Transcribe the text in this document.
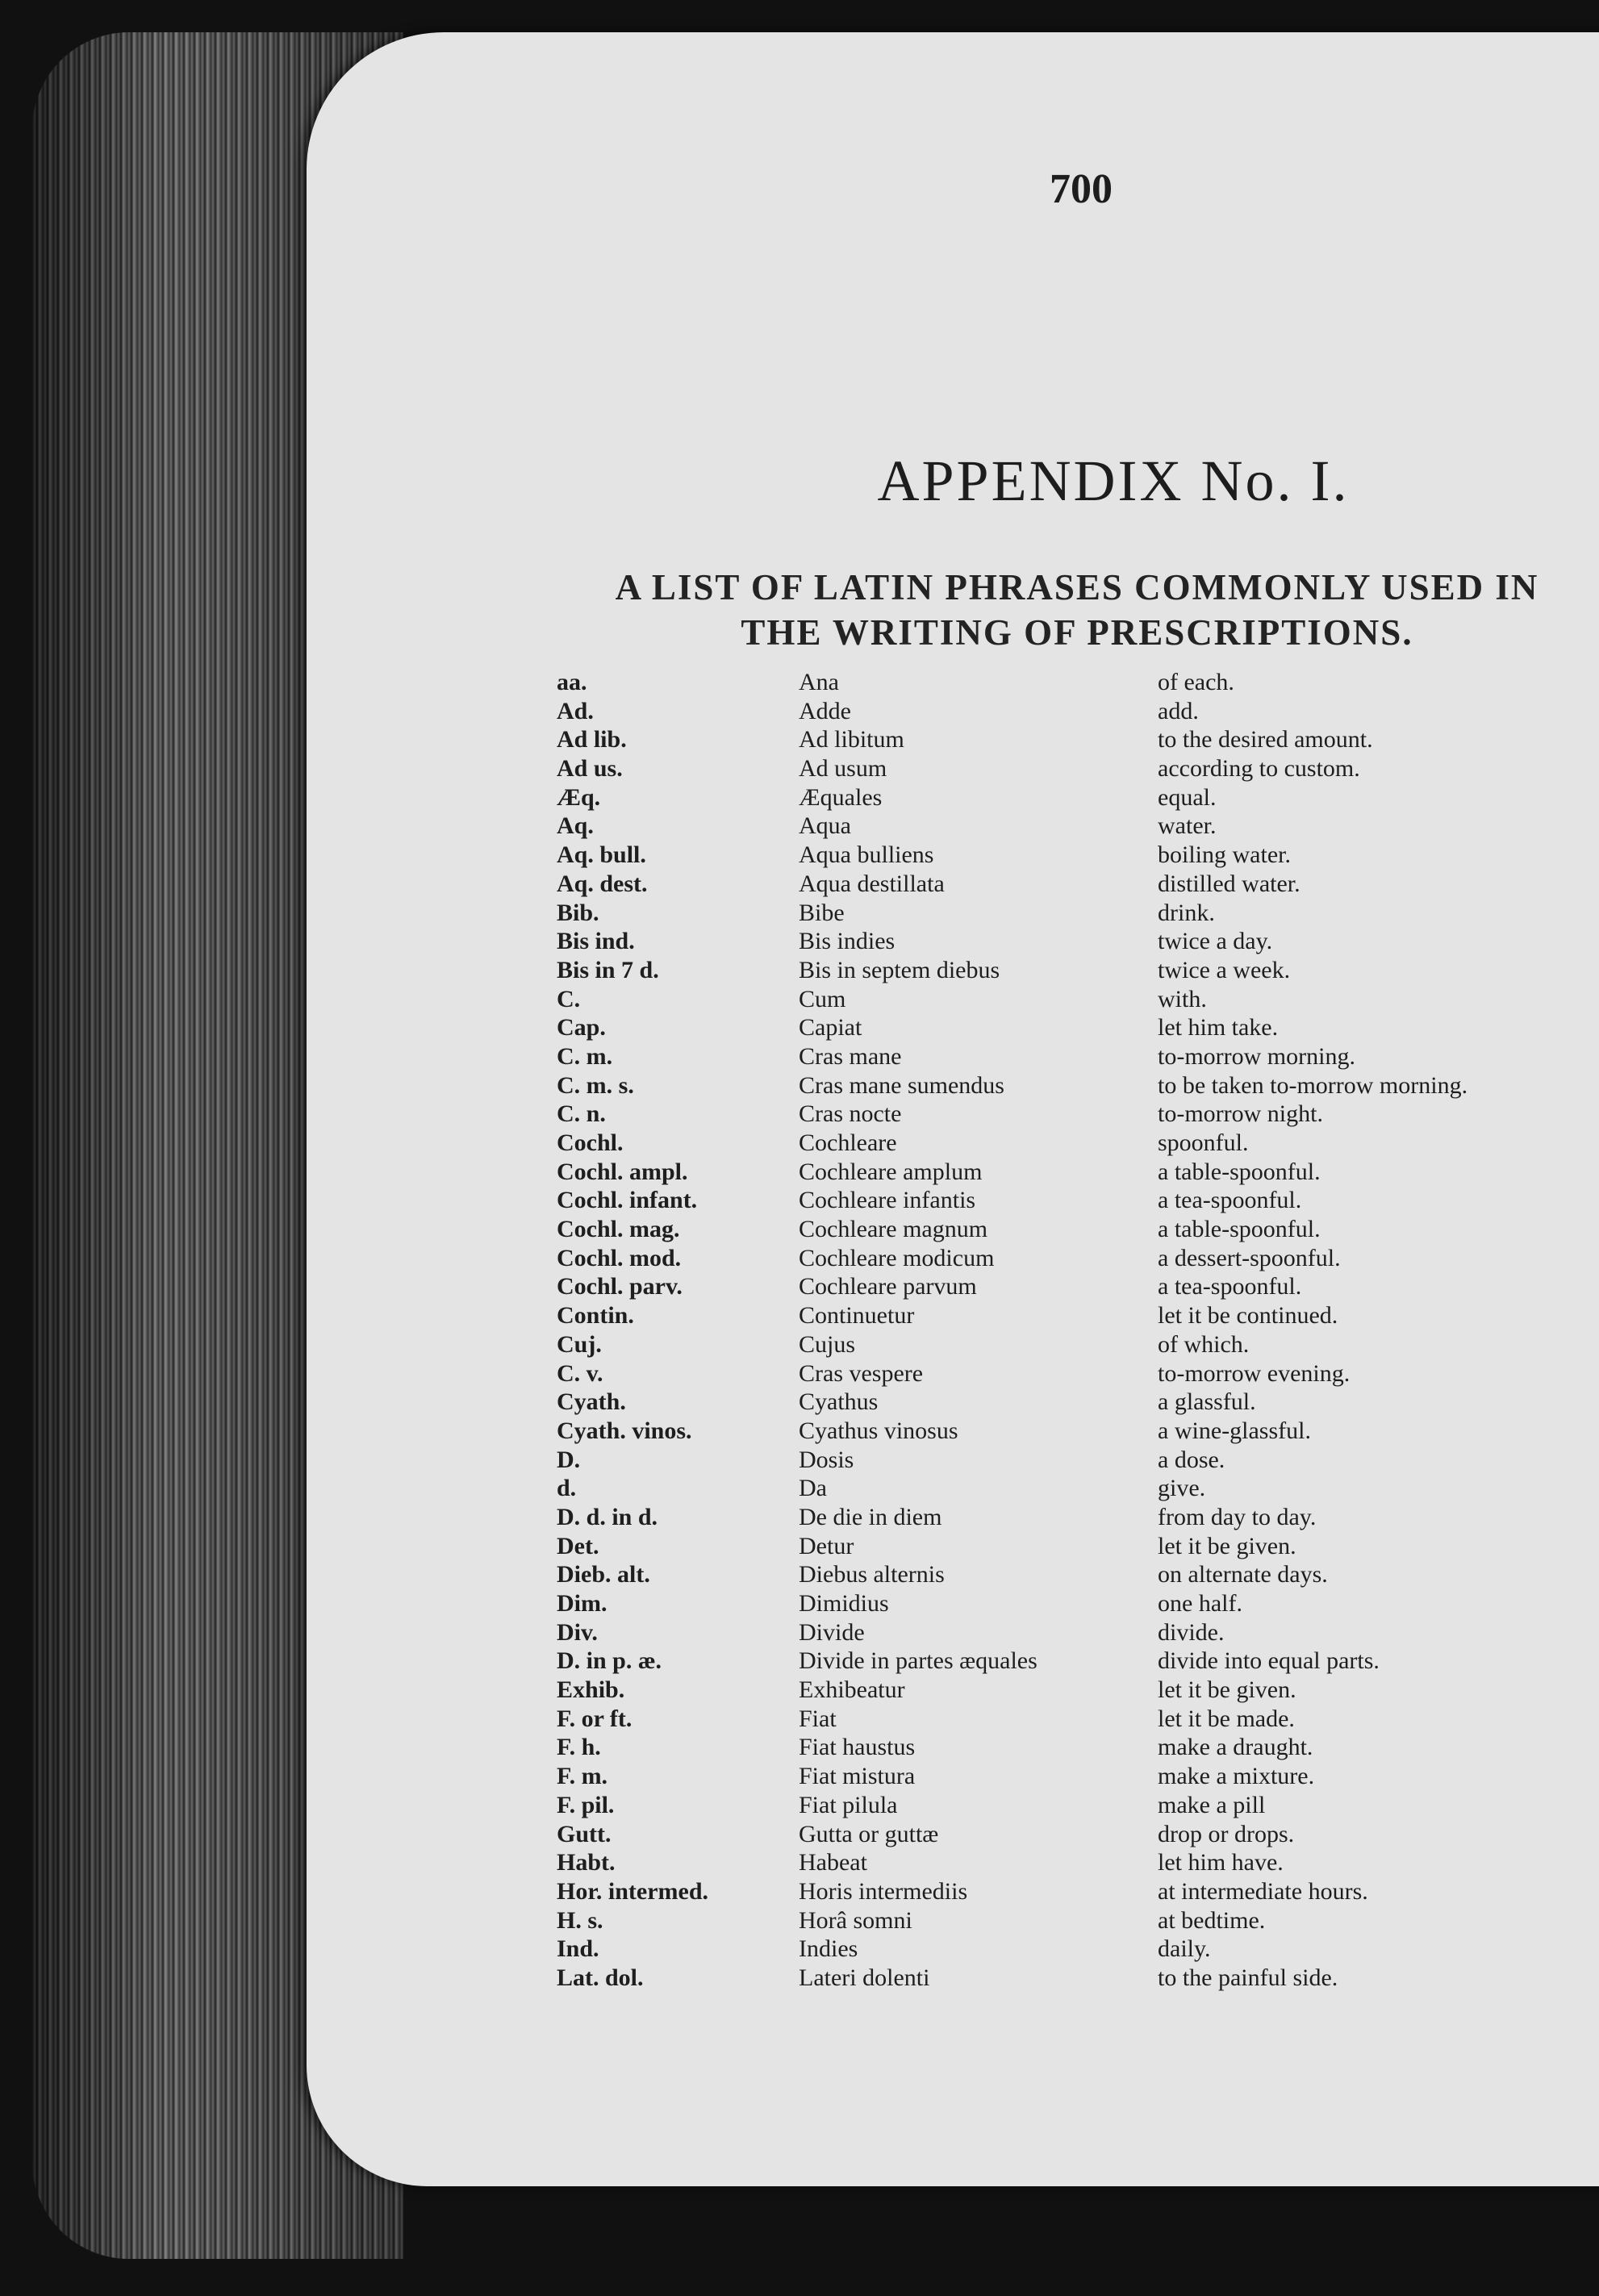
700
APPENDIX No. I.
A LIST OF LATIN PHRASES COMMONLY USED IN
THE WRITING OF PRESCRIPTIONS.
aa.	Ana	of each.
Ad.	Adde	add.
Ad lib.	Ad libitum	to the desired amount.
Ad us.	Ad usum	according to custom.
Æq.	Æquales	equal.
Aq.	Aqua	water.
Aq. bull.	Aqua bulliens	boiling water.
Aq. dest.	Aqua destillata	distilled water.
Bib.	Bibe	drink.
Bis ind.	Bis indies	twice a day.
Bis in 7 d.	Bis in septem diebus	twice a week.
C.	Cum	with.
Cap.	Capiat	let him take.
C. m.	Cras mane	to-morrow morning.
C. m. s.	Cras mane sumendus	to be taken to-morrow morning.
C. n.	Cras nocte	to-morrow night.
Cochl.	Cochleare	spoonful.
Cochl. ampl.	Cochleare amplum	a table-spoonful.
Cochl. infant.	Cochleare infantis	a tea-spoonful.
Cochl. mag.	Cochleare magnum	a table-spoonful.
Cochl. mod.	Cochleare modicum	a dessert-spoonful.
Cochl. parv.	Cochleare parvum	a tea-spoonful.
Contin.	Continuetur	let it be continued.
Cuj.	Cujus	of which.
C. v.	Cras vespere	to-morrow evening.
Cyath.	Cyathus	a glassful.
Cyath. vinos.	Cyathus vinosus	a wine-glassful.
D.	Dosis	a dose.
d.	Da	give.
D. d. in d.	De die in diem	from day to day.
Det.	Detur	let it be given.
Dieb. alt.	Diebus alternis	on alternate days.
Dim.	Dimidius	one half.
Div.	Divide	divide.
D. in p. æ.	Divide in partes æquales	divide into equal parts.
Exhib.	Exhibeatur	let it be given.
F. or ft.	Fiat	let it be made.
F. h.	Fiat haustus	make a draught.
F. m.	Fiat mistura	make a mixture.
F. pil.	Fiat pilula	make a pill
Gutt.	Gutta or guttæ	drop or drops.
Habt.	Habeat	let him have.
Hor. intermed.	Horis intermediis	at intermediate hours.
H. s.	Horâ somni	at bedtime.
Ind.	Indies	daily.
Lat. dol.	Lateri dolenti	to the painful side.
